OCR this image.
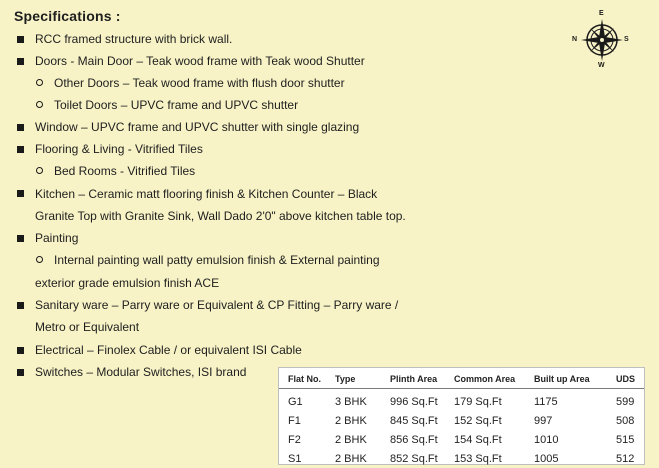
Specifications :
RCC framed structure with brick wall.
Doors - Main Door – Teak wood frame with Teak wood Shutter
Other Doors – Teak wood frame with flush door shutter
Toilet Doors – UPVC frame and UPVC shutter
Window – UPVC frame and UPVC shutter with single glazing
Flooring & Living - Vitrified Tiles
Bed Rooms - Vitrified Tiles
Kitchen – Ceramic matt flooring finish & Kitchen Counter – Black
Granite Top with Granite Sink, Wall Dado 2'0" above kitchen table top.
Painting
Internal painting wall patty emulsion finish & External painting
exterior grade emulsion finish ACE
Sanitary ware – Parry ware or Equivalent & CP Fitting – Parry ware /
Metro or Equivalent
Electrical – Finolex Cable / or equivalent ISI Cable
Switches – Modular Switches, ISI brand
E
N	S
W
Flat No.	Type	Plinth Area	Common Area	Built up Area	UDS
G1	3 BHK	996 Sq.Ft	179 Sq.Ft	1175	599
F1	2 BHK	845 Sq.Ft	152 Sq.Ft	997	508
F2	2 BHK	856 Sq.Ft	154 Sq.Ft	1010	515
S1	2 BHK	852 Sq.Ft	153 Sq.Ft	1005	512
